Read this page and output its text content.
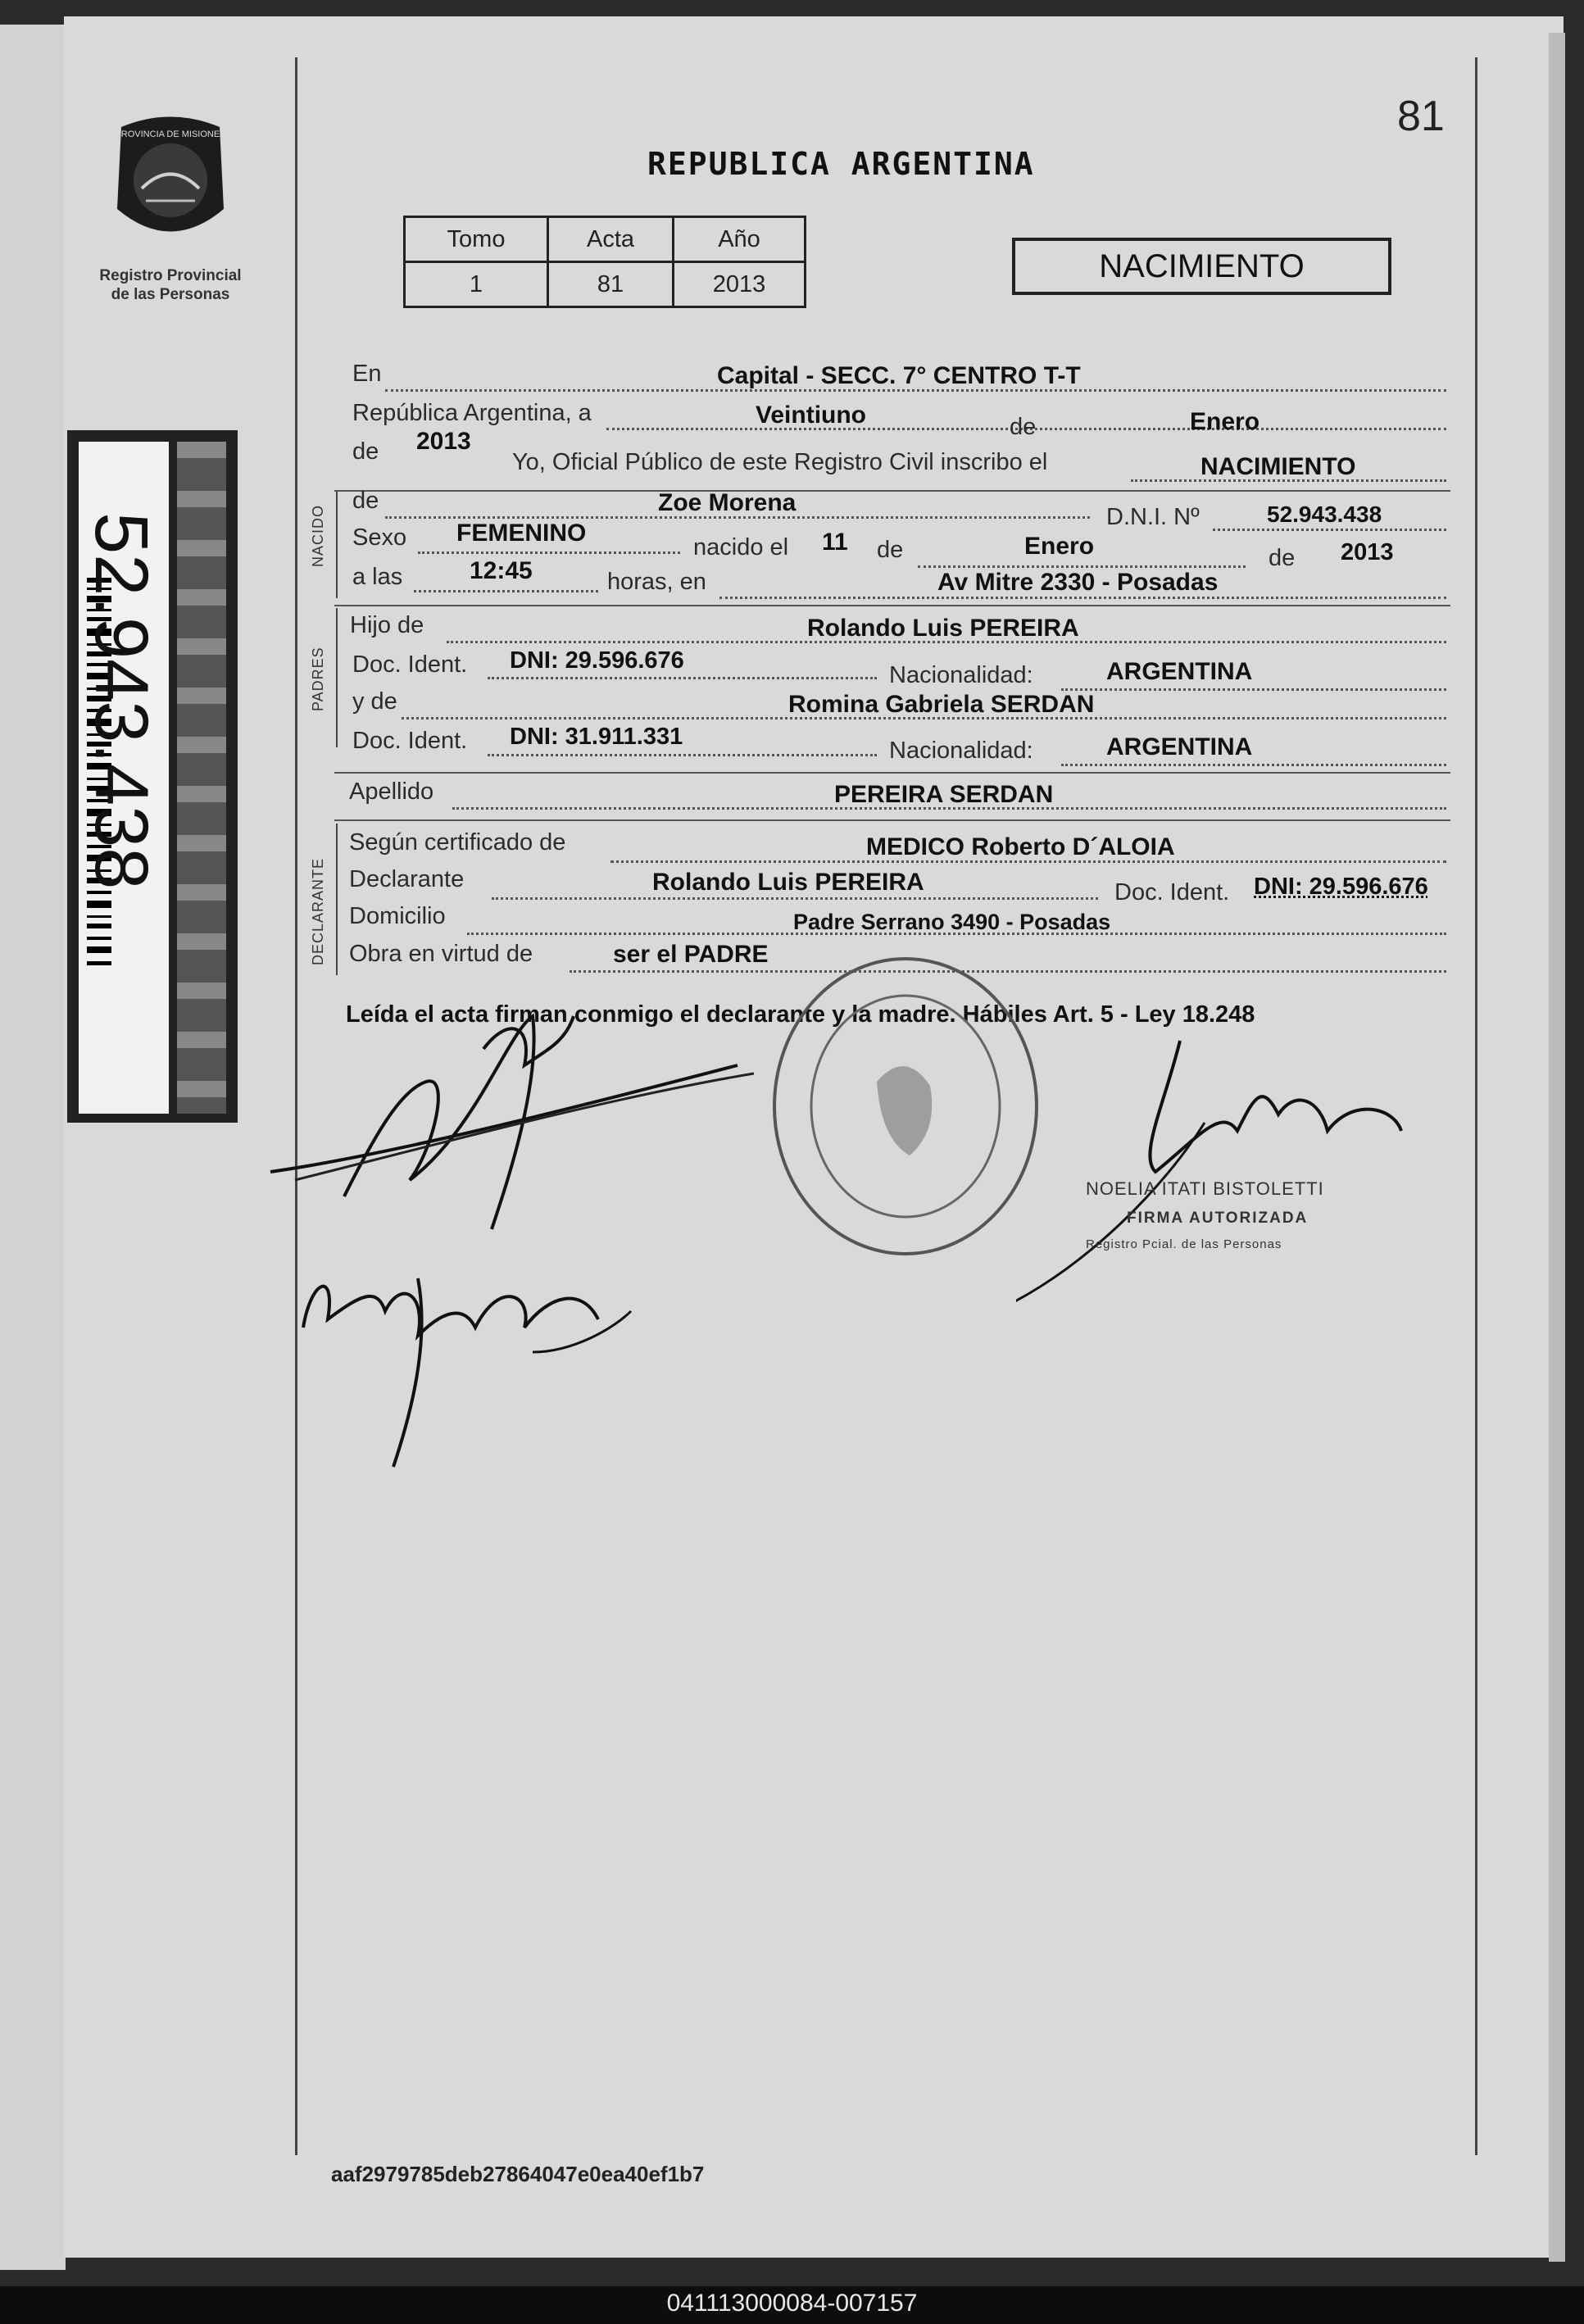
PROVINCIA DE MISIONES
Registro Provincial de las Personas
52.943.438
81
REPUBLICA ARGENTINA
Tomo	Acta	Año
1	81	2013	NACIMIENTO
En	Capital - SECC. 7° CENTRO T-T
República Argentina, a	Veintiuno	de	Enero
de 2013
Yo, Oficial Público de este Registro Civil inscribo el	NACIMIENTO
NACIDO
de	Zoe Morena
D.N.I. Nº	52.943.438
Sexo FEMENINO
nacido el 11 de	Enero	de 2013
a las	12:45	horas, en	Av Mitre 2330 - Posadas
PADRES
Hijo de	Rolando Luis PEREIRA
Doc. Ident. DNI: 29.596.676
Nacionalidad:	ARGENTINA
y de	Romina Gabriela SERDAN
Doc. Ident. DNI: 31.911.331
Nacionalidad:	ARGENTINA
Apellido	PEREIRA SERDAN
DECLARANTE
Según certificado de	MEDICO Roberto D´ALOIA
Declarante	Rolando Luis PEREIRA	Doc. Ident. DNI: 29.596.676
Domicilio	Padre Serrano 3490 - Posadas
Obra en virtud de	ser el PADRE
Leída el acta firman conmigo el declarante y la madre. Hábiles Art. 5 - Ley 18.248
NOELIA ITATI BISTOLETTI
FIRMA AUTORIZADA
Registro Pcial. de las Personas
aaf2979785deb27864047e0ea40ef1b7
041113000084-007157
